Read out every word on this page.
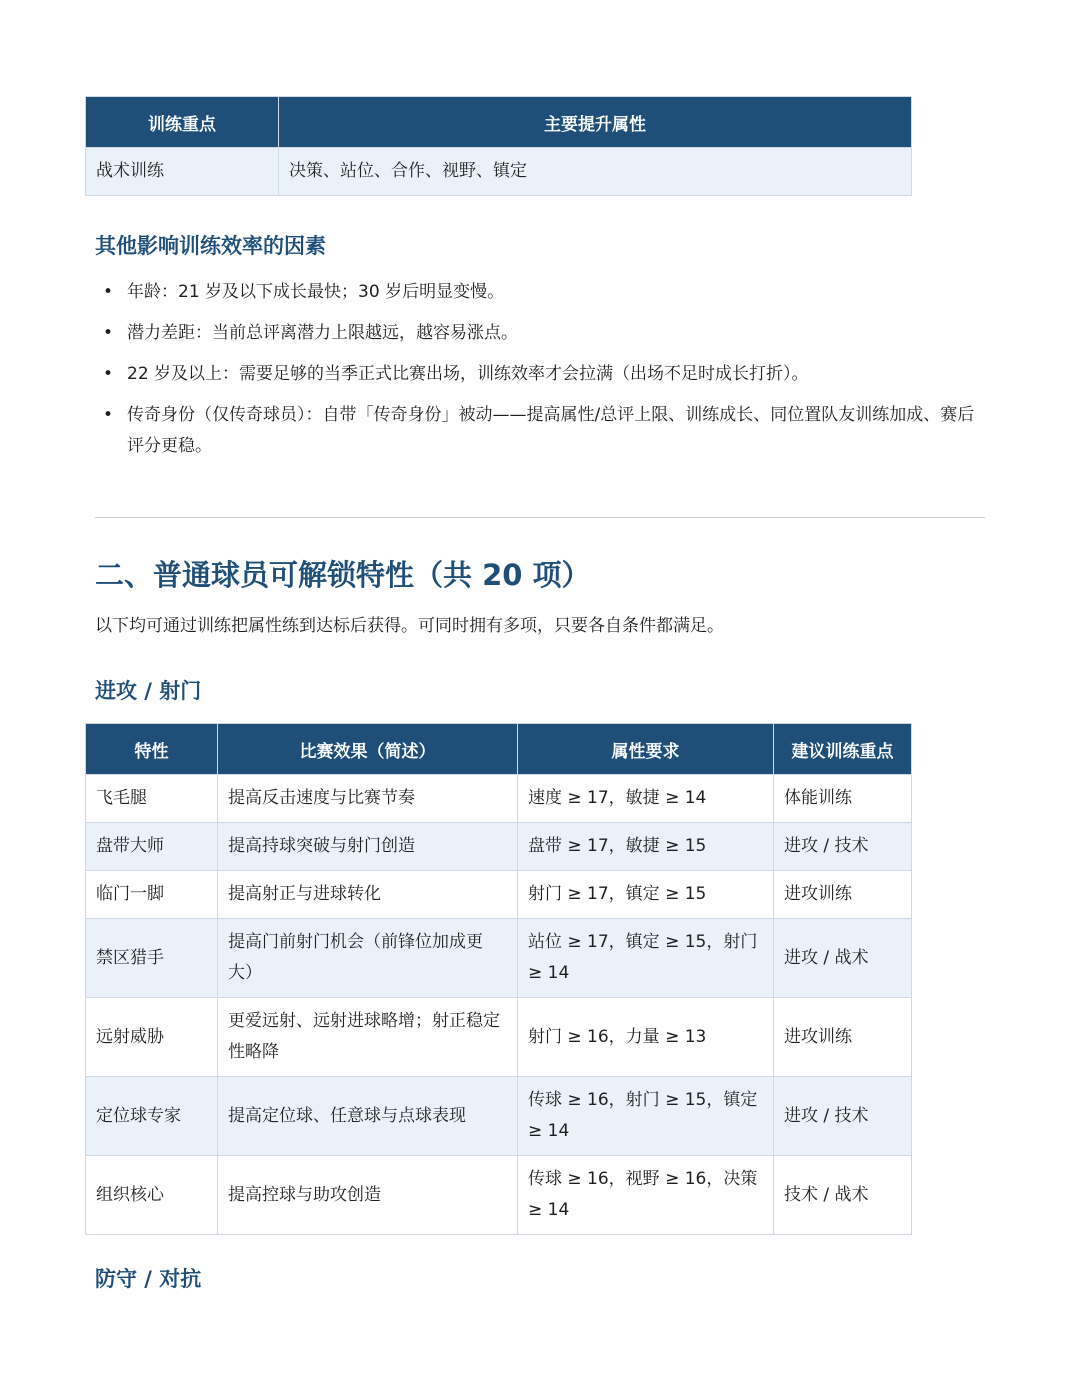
训练重点	主要提升属性
战术训练	决策、站位、合作、视野、镇定
其他影响训练效率的因素
• 年龄：21 岁及以下成长最快；30 岁后明显变慢。
• 潜力差距：当前总评离潜力上限越远，越容易涨点。
• 22 岁及以上：需要足够的当季正式比赛出场，训练效率才会拉满（出场不足时成长打折）。
• 传奇身份（仅传奇球员）：自带「传奇身份」被动——提高属性/总评上限、训练成长、同位置队友训练加成、赛后评分更稳。
二、普通球员可解锁特性（共 20 项）

以下均可通过训练把属性练到达标后获得。可同时拥有多项，只要各自条件都满足。

进攻 / 射门
特性	比赛效果（简述）	属性要求	建议训练重点
飞毛腿	提高反击速度与比赛节奏	速度 ≥ 17，敏捷 ≥ 14	体能训练
盘带大师	提高持球突破与射门创造	盘带 ≥ 17，敏捷 ≥ 15	进攻 / 技术
临门一脚	提高射正与进球转化	射门 ≥ 17，镇定 ≥ 15	进攻训练
禁区猎手	提高门前射门机会（前锋位加成更大）	站位 ≥ 17，镇定 ≥ 15，射门 ≥ 14	进攻 / 战术
远射威胁	更爱远射、远射进球略增；射正稳定性略降	射门 ≥ 16，力量 ≥ 13	进攻训练
定位球专家	提高定位球、任意球与点球表现	传球 ≥ 16，射门 ≥ 15，镇定 ≥ 14	进攻 / 技术
组织核心	提高控球与助攻创造	传球 ≥ 16，视野 ≥ 16，决策 ≥ 14	技术 / 战术
防守 / 对抗
